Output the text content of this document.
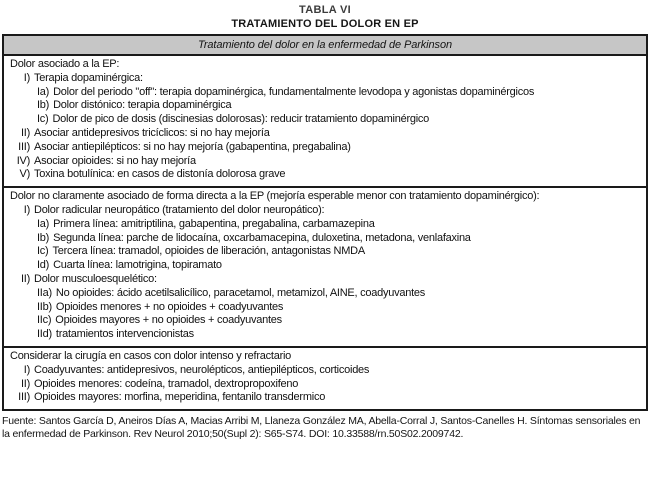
TABLA VI
TRATAMIENTO DEL DOLOR EN EP
Tratamiento del dolor en la enfermedad de Parkinson
Dolor asociado a la EP:
I) Terapia dopaminérgica:
Ia) Dolor del periodo "off": terapia dopaminérgica, fundamentalmente levodopa y agonistas dopaminérgicos
Ib) Dolor distónico: terapia dopaminérgica
Ic) Dolor de pico de dosis (discinesias dolorosas): reducir tratamiento dopaminérgico
II) Asociar antidepresivos tricíclicos: si no hay mejoría
III) Asociar antiepilépticos: si no hay mejoría (gabapentina, pregabalina)
IV) Asociar opioides: si no hay mejoría
V) Toxina botulínica: en casos de distonía dolorosa grave
Dolor no claramente asociado de forma directa a la EP (mejoría esperable menor con tratamiento dopaminérgico):
I) Dolor radicular neuropático (tratamiento del dolor neuropático):
Ia) Primera línea: amitriptilina, gabapentina, pregabalina, carbamazepina
Ib) Segunda línea: parche de lidocaína, oxcarbamacepina, duloxetina, metadona, venlafaxina
Ic) Tercera línea: tramadol, opioides de liberación, antagonistas NMDA
Id) Cuarta línea: lamotrigina, topiramato
II) Dolor musculoesquelético:
IIa) No opioides: ácido acetilsalicílico, paracetamol, metamizol, AINE, coadyuvantes
IIb) Opioides menores + no opioides + coadyuvantes
IIc) Opioides mayores + no opioides + coadyuvantes
IId) tratamientos intervencionistas
Considerar la cirugía en casos con dolor intenso y refractario
I) Coadyuvantes: antidepresivos, neurolépticos, antiepilépticos, corticoides
II) Opioides menores: codeína, tramadol, dextropropoxifeno
III) Opioides mayores: morfina, meperidina, fentanilo transdermico
Fuente: Santos García D, Aneiros Días A, Macias Arribi M, Llaneza González MA, Abella-Corral J, Santos-Canelles H. Síntomas sensoriales en la enfermedad de Parkinson. Rev Neurol 2010;50(Supl 2): S65-S74. DOI: 10.33588/rn.50S02.2009742.
